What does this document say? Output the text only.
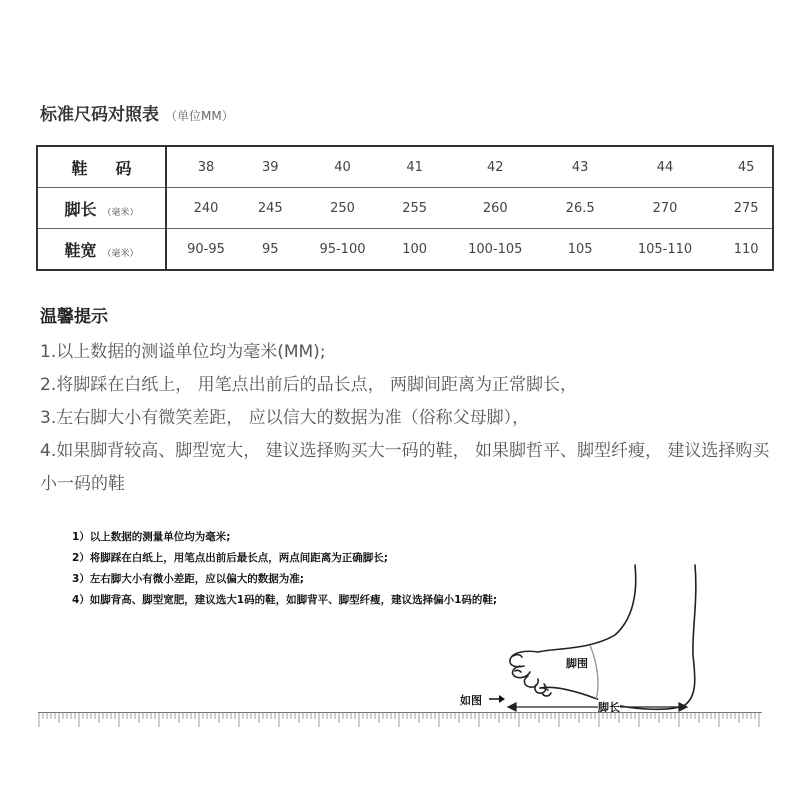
标准尺码对照表 （单位MM）
鞋码	38	39	40	41	42	43	44	45
脚长 （毫米）	240	245	250	255	260	26.5	270	275
鞋宽 （毫米）	90-95	95	95-100	100	100-105	105	105-110	110
温馨提示

1.以上数据的测谥单位均为毫米(MM);

2.将脚踩在白纸上， 用笔点出前后的品长点， 两脚间距离为正常脚长，

3.左右脚大小有微笑差距， 应以信大的数据为准（俗称父母脚），

4.如果脚背较高、脚型宽大， 建议选择购买大一码的鞋， 如果脚哲平、脚型纤瘦， 建议选择购买小一码的鞋

1）以上数据的测量单位均为毫米;

2）将脚踩在白纸上，用笔点出前后最长点，两点间距离为正确脚长;

3）左右脚大小有微小差距，应以偏大的数据为准;

4）如脚背高、脚型宽肥，建议选大1码的鞋，如脚背平、脚型纤瘦，建议选择偏小1码的鞋;

脚围
脚长
如图
